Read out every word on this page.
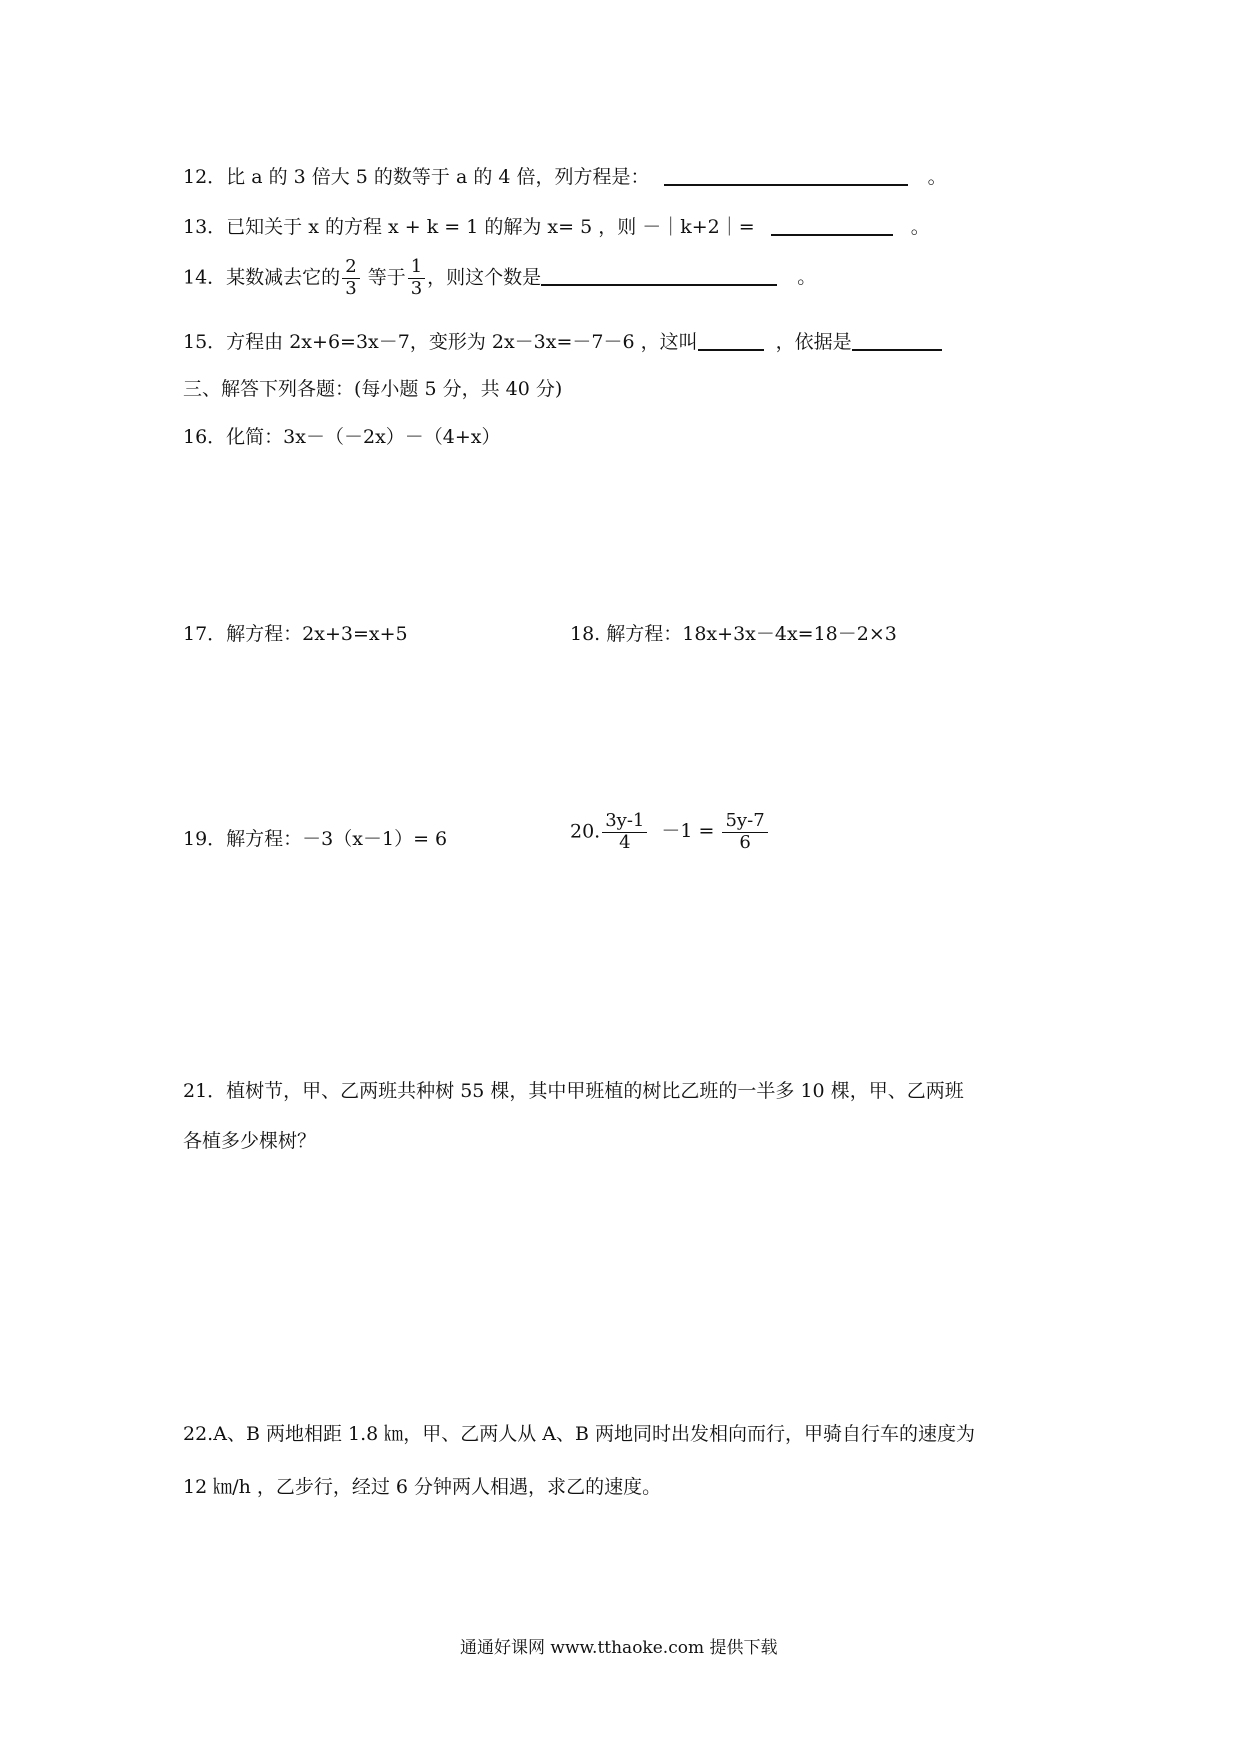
12．比 a 的 3 倍大 5 的数等于 a 的 4 倍，列方程是：	。
13．已知关于 x 的方程 x + k = 1 的解为 x= 5 ，则 －｜k+2｜=	。
14．某数减去它的 $\frac{2}{3}$ 等于 $\frac{1}{3}$ ，则这个数是	。
15．方程由 2x+6=3x－7，变形为 2x－3x=－7－6 ，这叫	，依据是
三、解答下列各题：(每小题 5 分，共 40 分)
16．化简：3x－（－2x）－（4+x）
17．解方程：2x+3=x+5	18. 解方程：18x+3x－4x=18－2×3
19．解方程：－3（x－1）= 6	20. $\frac{3y-1}{4} -1 = \frac{5y-7}{6}$
21．植树节，甲、乙两班共种树 55 棵，其中甲班植的树比乙班的一半多 10 棵，甲、乙两班
各植多少棵树？
22.A、B 两地相距 1.8 ㎞，甲、乙两人从 A、B 两地同时出发相向而行，甲骑自行车的速度为
12 ㎞/h ，乙步行，经过 6 分钟两人相遇，求乙的速度。
通通好课网 www.tthaoke.com 提供下载
